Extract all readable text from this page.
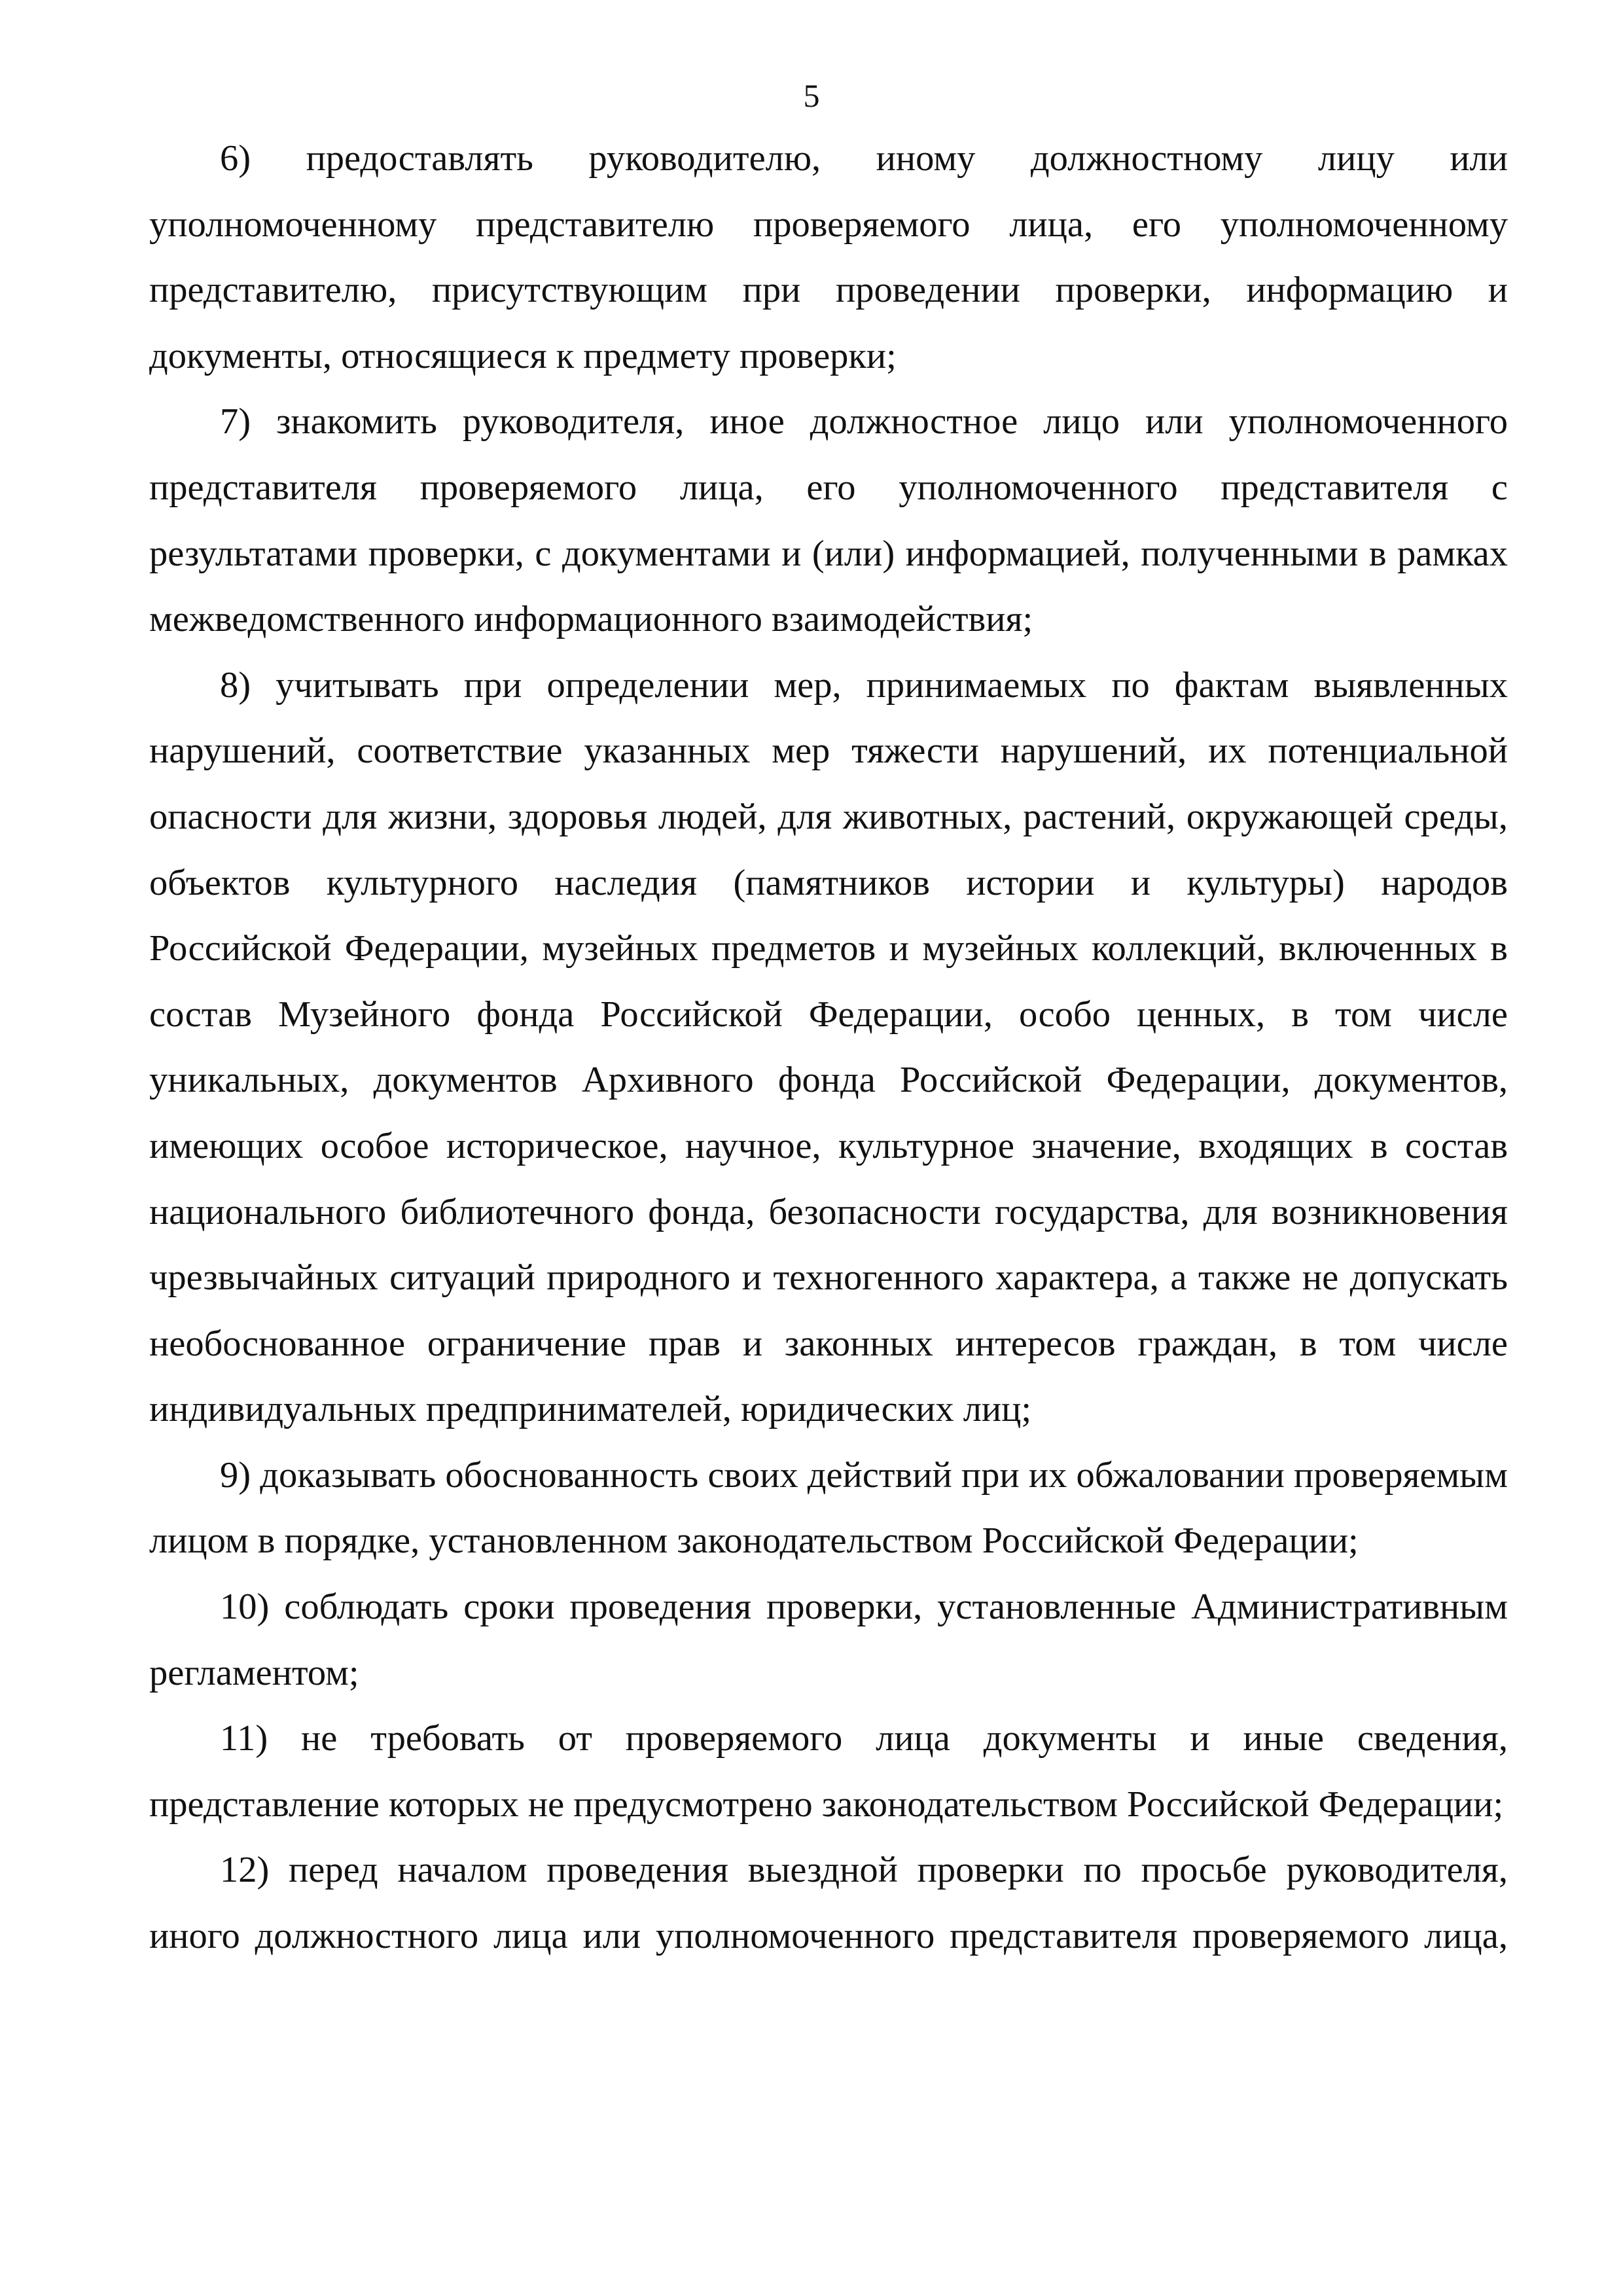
5

6) предоставлять руководителю, иному должностному лицу или уполномоченному представителю проверяемого лица, его уполномоченному представителю, присутствующим при проведении проверки, информацию и документы, относящиеся к предмету проверки;

7) знакомить руководителя, иное должностное лицо или уполномоченного представителя проверяемого лица, его уполномоченного представителя с результатами проверки, с документами и (или) информацией, полученными в рамках межведомственного информационного взаимодействия;

8) учитывать при определении мер, принимаемых по фактам выявленных нарушений, соответствие указанных мер тяжести нарушений, их потенциальной опасности для жизни, здоровья людей, для животных, растений, окружающей среды, объектов культурного наследия (памятников истории и культуры) народов Российской Федерации, музейных предметов и музейных коллекций, включенных в состав Музейного фонда Российской Федерации, особо ценных, в том числе уникальных, документов Архивного фонда Российской Федерации, документов, имеющих особое историческое, научное, культурное значение, входящих в состав национального библиотечного фонда, безопасности государства, для возникновения чрезвычайных ситуаций природного и техногенного характера, а также не допускать необоснованное ограничение прав и законных интересов граждан, в том числе индивидуальных предпринимателей, юридических лиц;

9) доказывать обоснованность своих действий при их обжаловании проверяемым лицом в порядке, установленном законодательством Российской Федерации;

10) соблюдать сроки проведения проверки, установленные Административным регламентом;

11) не требовать от проверяемого лица документы и иные сведения, представление которых не предусмотрено законодательством Российской Федерации;

12) перед началом проведения выездной проверки по просьбе руководителя, иного должностного лица или уполномоченного представителя проверяемого лица,
